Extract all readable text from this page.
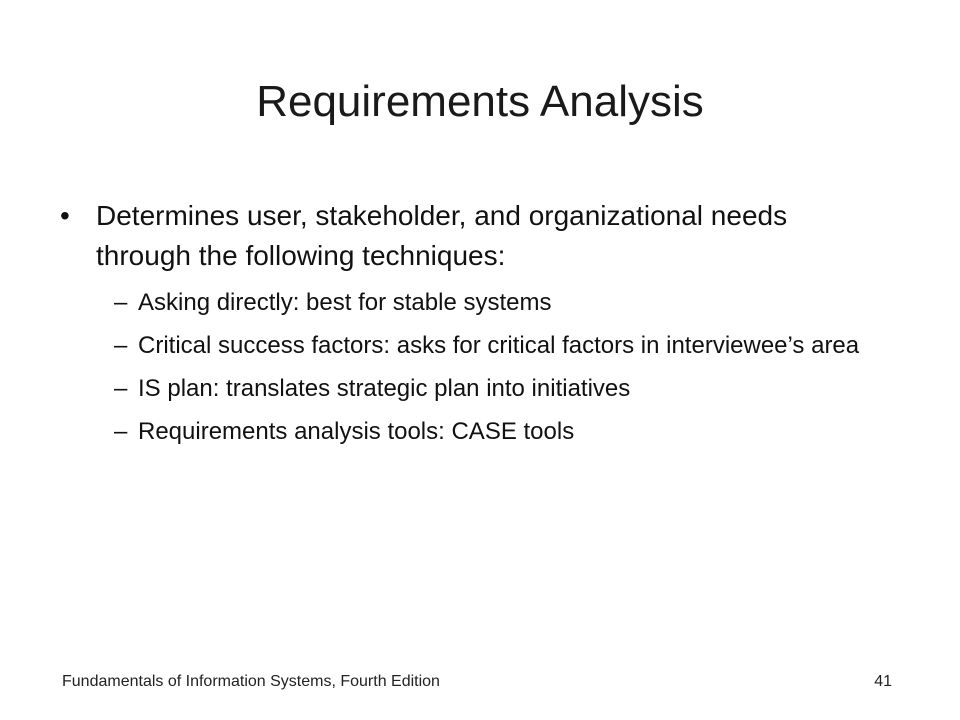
Requirements Analysis
• Determines user, stakeholder, and organizational needs through the following techniques:
– Asking directly: best for stable systems
– Critical success factors: asks for critical factors in interviewee’s area
– IS plan: translates strategic plan into initiatives
– Requirements analysis tools: CASE tools
Fundamentals of Information Systems, Fourth Edition	41
